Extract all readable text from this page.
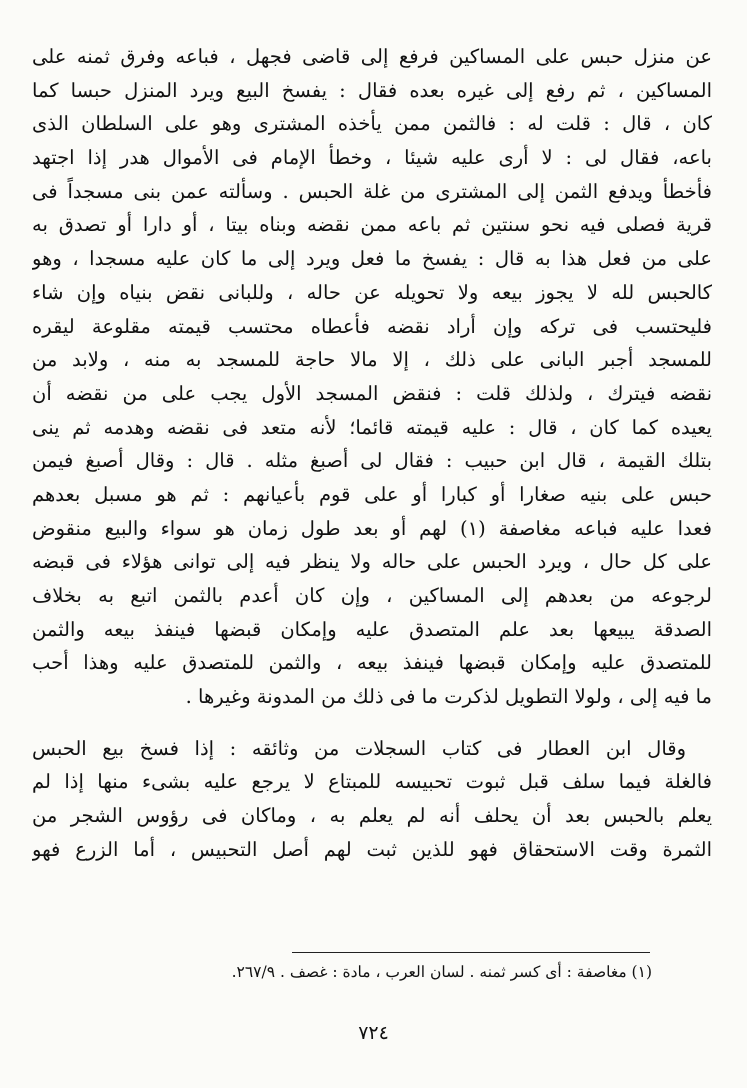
عن منزل حبس على المساكين فرفع إلى قاضى فجهل ، فباعه وفرق ثمنه على
المساكين ، ثم رفع إلى غيره بعده فقال : يفسخ البيع ويرد المنزل حبسا كما
كان ، قال : قلت له : فالثمن ممن يأخذه المشترى وهو على السلطان الذى
باعه، فقال لى : لا أرى عليه شيئا ، وخطأ الإمام فى الأموال هدر إذا اجتهد
فأخطأ ويدفع الثمن إلى المشترى من غلة الحبس . وسألته عمن بنى مسجداً فى
قرية فصلى فيه نحو سنتين ثم باعه ممن نقضه وبناه بيتا ، أو دارا أو تصدق به
على من فعل هذا به قال : يفسخ ما فعل ويرد إلى ما كان عليه مسجدا ، وهو
كالحبس لله لا يجوز بيعه ولا تحويله عن حاله ، وللبانى نقض بنياه وإن شاء
فليحتسب فى تركه وإن أراد نقضه فأعطاه محتسب قيمته مقلوعة ليقره
للمسجد أجبر البانى على ذلك ، إلا مالا حاجة للمسجد به منه ، ولابد من
نقضه فيترك ، ولذلك قلت : فنقض المسجد الأول يجب على من نقضه أن
يعيده كما كان ، قال : عليه قيمته قائما؛ لأنه متعد فى نقضه وهدمه ثم ينى
بتلك القيمة ، قال ابن حبيب : فقال لى أصبغ مثله . قال : وقال أصبغ فيمن
حبس على بنيه صغارا أو كبارا أو على قوم بأعيانهم : ثم هو مسبل بعدهم
فعدا عليه فباعه مغاصفة (١) لهم أو بعد طول زمان هو سواء والبيع منقوض
على كل حال ، ويرد الحبس على حاله ولا ينظر فيه إلى توانى هؤلاء فى قبضه
لرجوعه من بعدهم إلى المساكين ، وإن كان أعدم بالثمن اتبع به بخلاف
الصدقة يبيعها بعد علم المتصدق عليه وإمكان قبضها فينفذ بيعه والثمن
للمتصدق عليه وإمكان قبضها فينفذ بيعه ، والثمن للمتصدق عليه وهذا أحب
ما فيه إلى ، ولولا التطويل لذكرت ما فى ذلك من المدونة وغيرها .
وقال ابن العطار فى كتاب السجلات من وثائقه : إذا فسخ بيع الحبس
فالغلة فيما سلف قبل ثبوت تحبيسه للمبتاع لا يرجع عليه بشىء منها إذا لم
يعلم بالحبس بعد أن يحلف أنه لم يعلم به ، وماكان فى رؤوس الشجر من
الثمرة وقت الاستحقاق فهو للذين ثبت لهم أصل التحبيس ، أما الزرع فهو
(١) مغاصفة : أى كسر ثمنه . لسان العرب ، مادة : غصف . ٢٦٧/٩.
٧٢٤
